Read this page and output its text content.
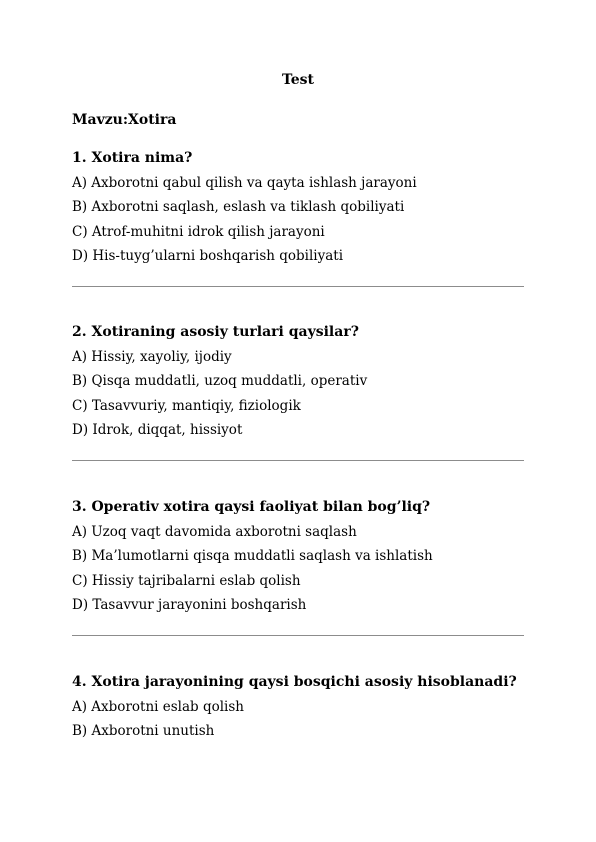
Test
Mavzu:Xotira
1. Xotira nima?
A) Axborotni qabul qilish va qayta ishlash jarayoni
B) Axborotni saqlash, eslash va tiklash qobiliyati
C) Atrof-muhitni idrok qilish jarayoni
D) His-tuyg’ularni boshqarish qobiliyati
2. Xotiraning asosiy turlari qaysilar?
A) Hissiy, xayoliy, ijodiy
B) Qisqa muddatli, uzoq muddatli, operativ
C) Tasavvuriy, mantiqiy, fiziologik
D) Idrok, diqqat, hissiyot
3. Operativ xotira qaysi faoliyat bilan bog’liq?
A) Uzoq vaqt davomida axborotni saqlash
B) Ma’lumotlarni qisqa muddatli saqlash va ishlatish
C) Hissiy tajribalarni eslab qolish
D) Tasavvur jarayonini boshqarish
4. Xotira jarayonining qaysi bosqichi asosiy hisoblanadi?
A) Axborotni eslab qolish
B) Axborotni unutish
